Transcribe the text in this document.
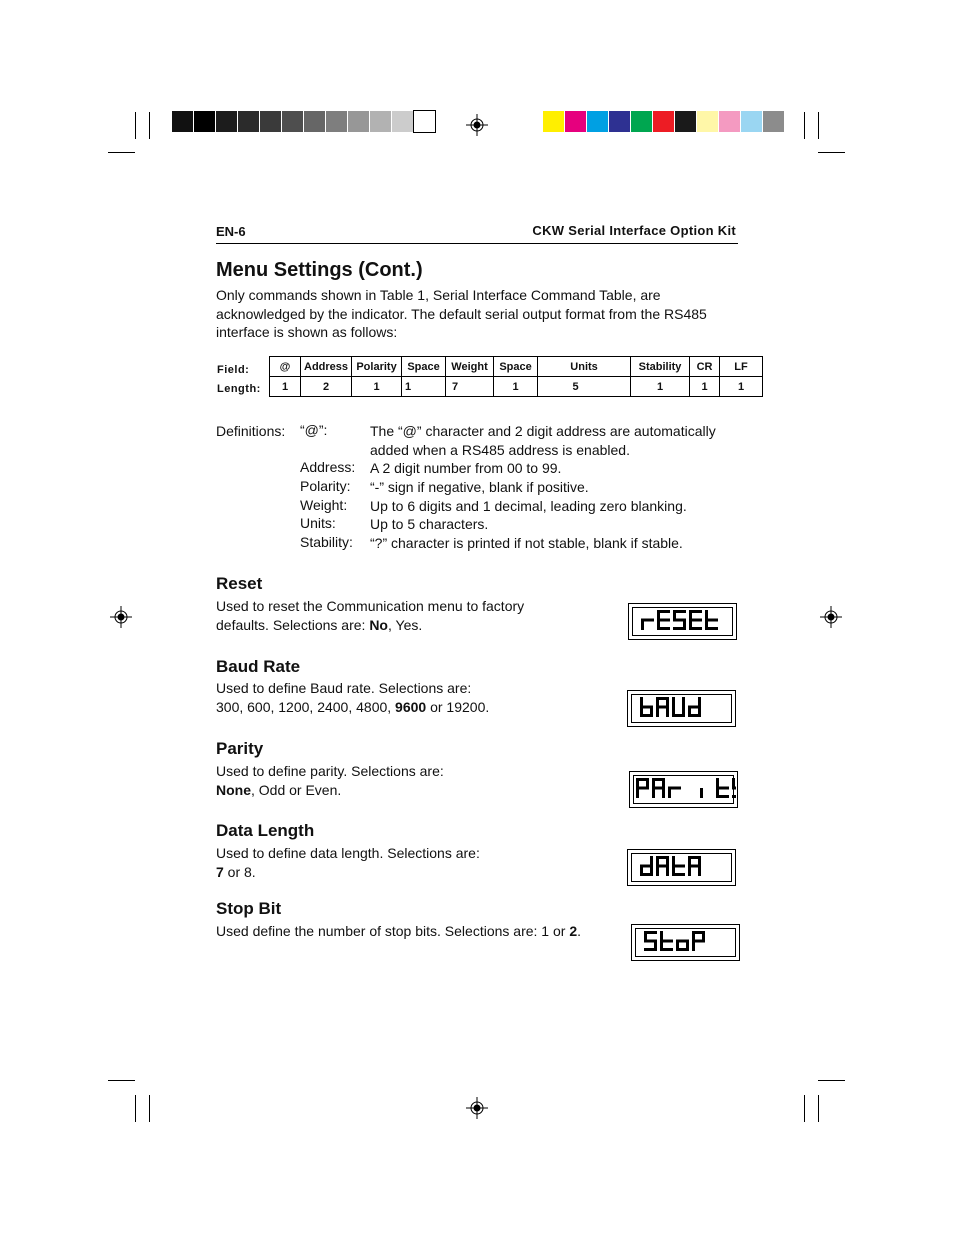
EN-6	CKW Serial Interface Option Kit
Menu Settings (Cont.)
Only commands shown in Table 1, Serial Interface Command Table, are
acknowledged by the indicator. The default serial output format from the RS485
interface is shown as follows:
Field:
Length:
@	Address	Polarity	Space	Weight	Space	Units	Stability	CR	LF
1	2	1	1	7	1	5	1	1	1
Definitions: “@”:	The “@” character and 2 digit address are automatically
added when a RS485 address is enabled.
Address: A 2 digit number from 00 to 99.
Polarity: “-” sign if negative, blank if positive.
Weight: Up to 6 digits and 1 decimal, leading zero blanking.
Units: Up to 5 characters.
Stability: “?” character is printed if not stable, blank if stable.
Reset
Used to reset the Communication menu to factory
defaults. Selections are: No, Yes.
Baud Rate
Used to define Baud rate. Selections are:
300, 600, 1200, 2400, 4800, 9600 or 19200.
Parity
Used to define parity. Selections are:
None, Odd or Even.
Data Length
Used to define data length. Selections are:
7 or 8.
Stop Bit
Used define the number of stop bits. Selections are: 1 or 2.
